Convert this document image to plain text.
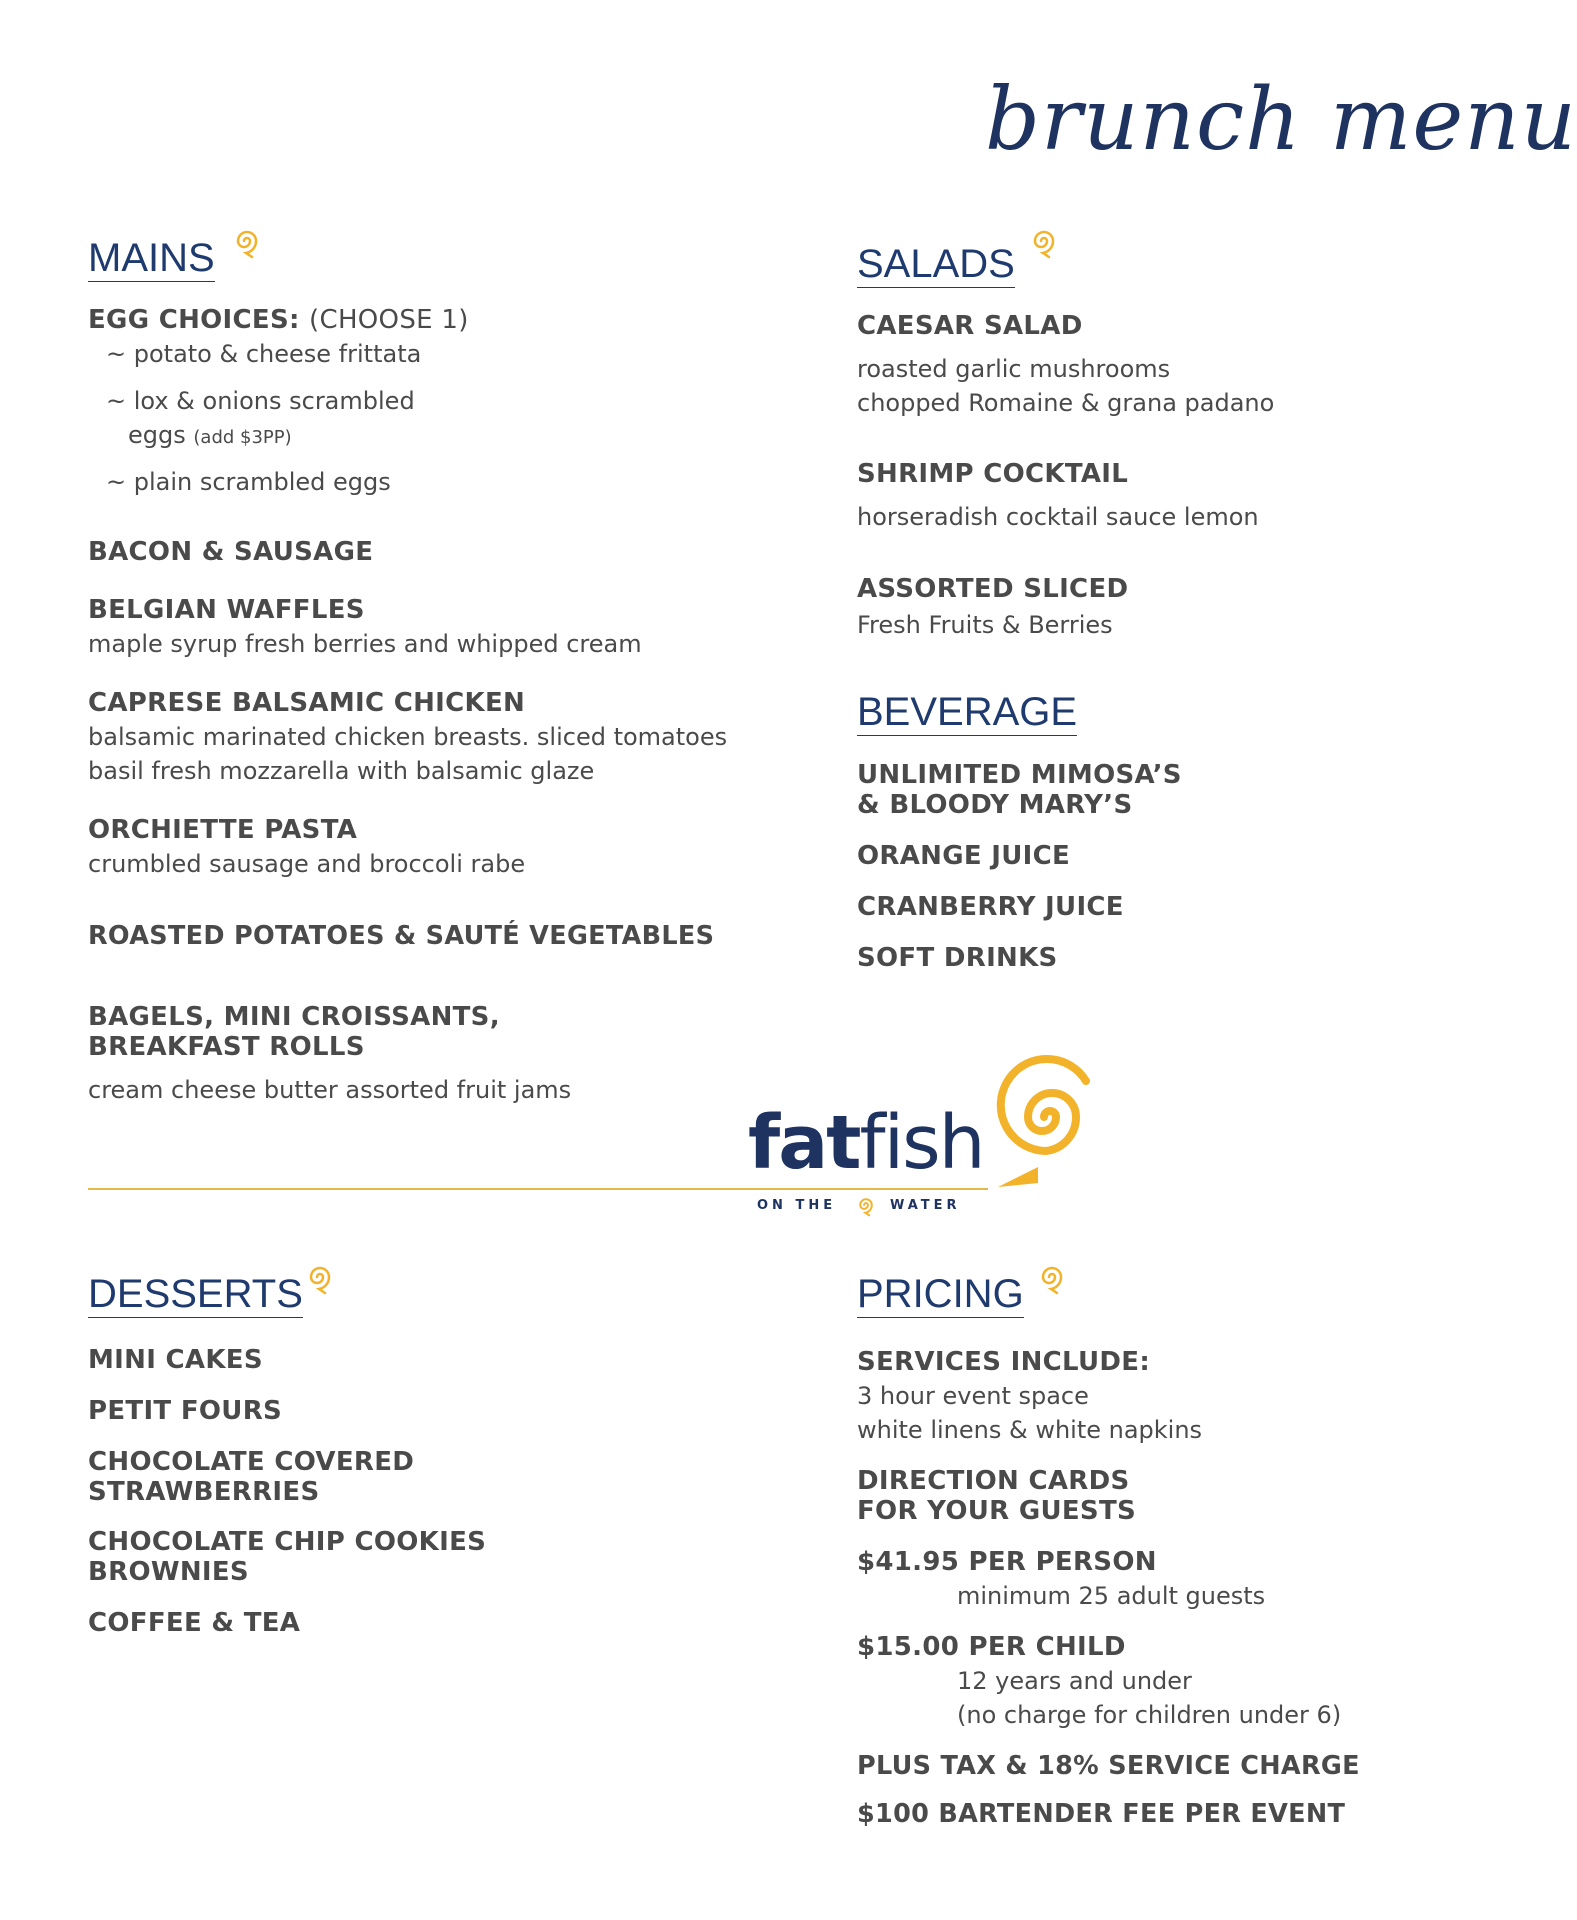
brunch menu
MAINS
EGG CHOICES: (CHOOSE 1)
~ potato & cheese frittata
~ lox & onions scrambled
eggs (add $3PP)
~ plain scrambled eggs
BACON & SAUSAGE
BELGIAN WAFFLES
maple syrup fresh berries and whipped cream
CAPRESE BALSAMIC CHICKEN
balsamic marinated chicken breasts. sliced tomatoes
basil fresh mozzarella with balsamic glaze
ORCHIETTE PASTA
crumbled sausage and broccoli rabe
ROASTED POTATOES & SAUTÉ VEGETABLES
BAGELS, MINI CROISSANTS,
BREAKFAST ROLLS
cream cheese butter assorted fruit jams
SALADS
CAESAR SALAD
roasted garlic mushrooms
chopped Romaine & grana padano
SHRIMP COCKTAIL
horseradish cocktail sauce lemon
ASSORTED SLICED
Fresh Fruits & Berries
BEVERAGE
UNLIMITED MIMOSA’S
& BLOODY MARY’S
ORANGE JUICE
CRANBERRY JUICE
SOFT DRINKS
fatfish
ON THE	WATER
DESSERTS
MINI CAKES
PETIT FOURS
CHOCOLATE COVERED
STRAWBERRIES
CHOCOLATE CHIP COOKIES
BROWNIES
COFFEE & TEA
PRICING
SERVICES INCLUDE:
3 hour event space
white linens & white napkins
DIRECTION CARDS
FOR YOUR GUESTS
$41.95 PER PERSON
minimum 25 adult guests
$15.00 PER CHILD
12 years and under
(no charge for children under 6)
PLUS TAX & 18% SERVICE CHARGE
$100 BARTENDER FEE PER EVENT
